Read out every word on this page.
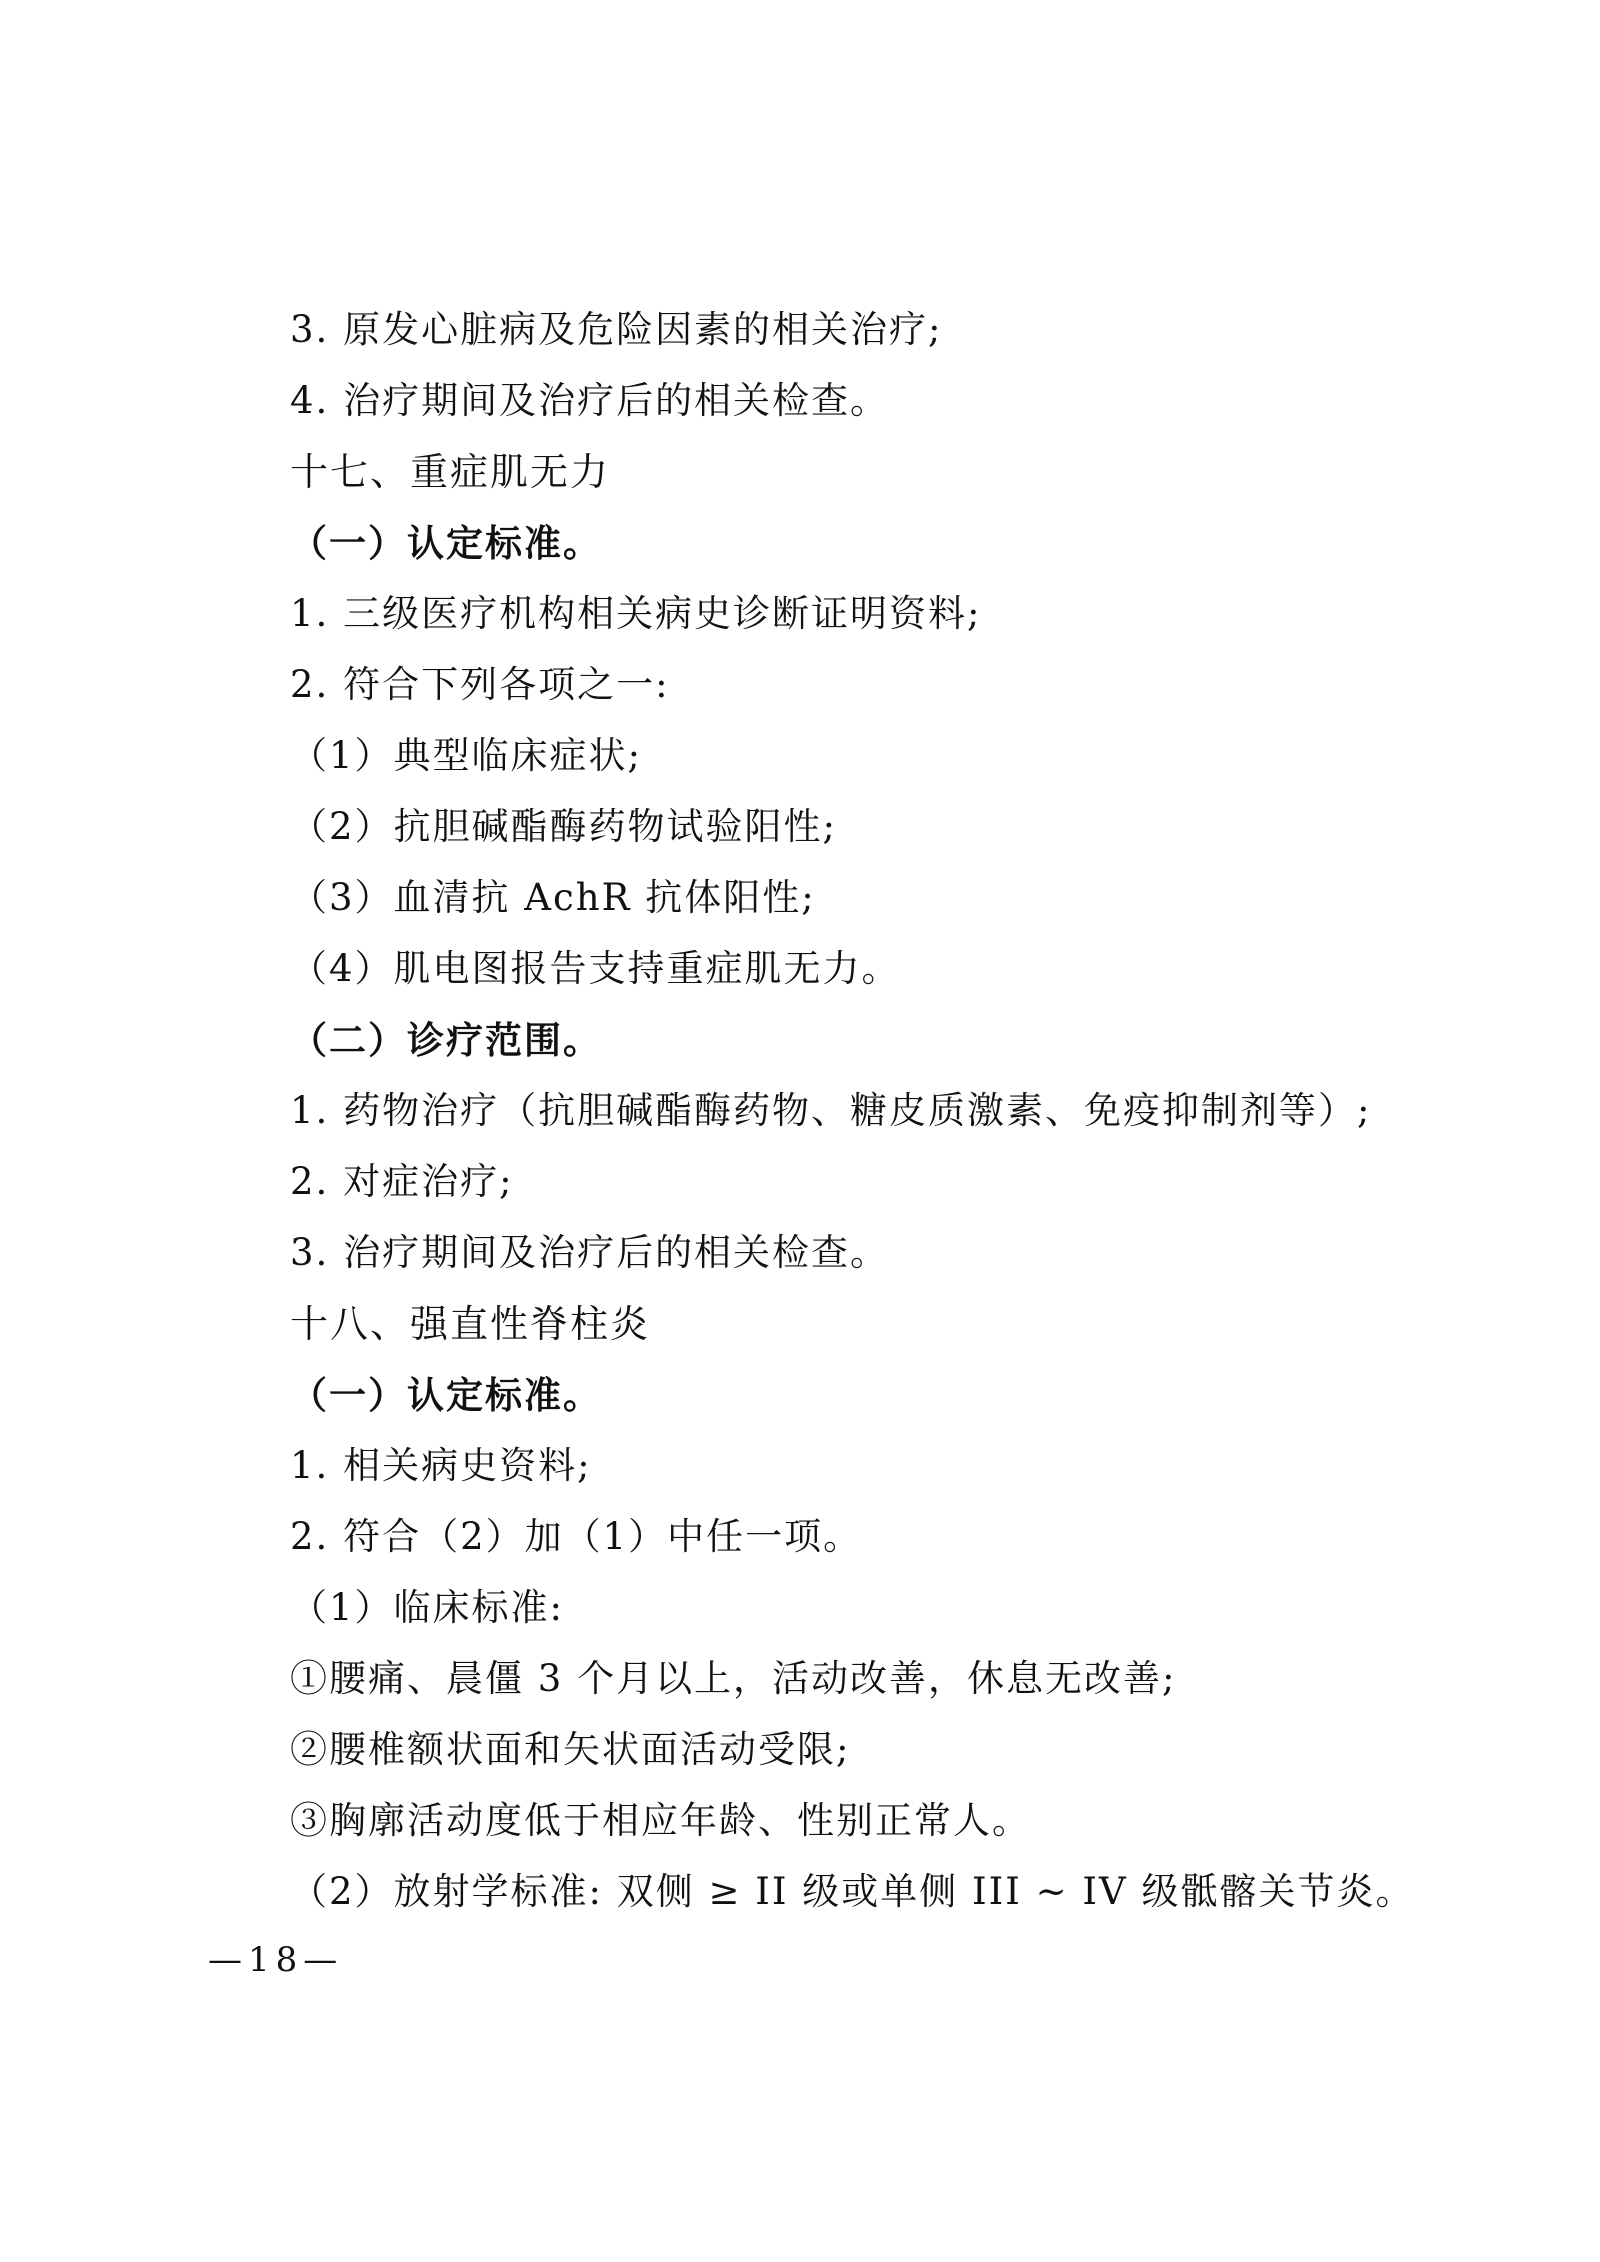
3. 原发心脏病及危险因素的相关治疗;
4. 治疗期间及治疗后的相关检查。
十七、重症肌无力
（一）认定标准。
1. 三级医疗机构相关病史诊断证明资料;
2. 符合下列各项之一:
（1）典型临床症状;
（2）抗胆碱酯酶药物试验阳性;
（3）血清抗 AchR 抗体阳性;
（4）肌电图报告支持重症肌无力。
（二）诊疗范围。
1. 药物治疗（抗胆碱酯酶药物、糖皮质激素、免疫抑制剂等）;
2. 对症治疗;
3. 治疗期间及治疗后的相关检查。
十八、强直性脊柱炎
（一）认定标准。
1. 相关病史资料;
2. 符合（2）加（1）中任一项。
（1）临床标准:
①腰痛、晨僵 3 个月以上，活动改善，休息无改善;
②腰椎额状面和矢状面活动受限;
③胸廓活动度低于相应年龄、性别正常人。
（2）放射学标准: 双侧 ≥ II 级或单侧 III ~ IV 级骶髂关节炎。
—18—
